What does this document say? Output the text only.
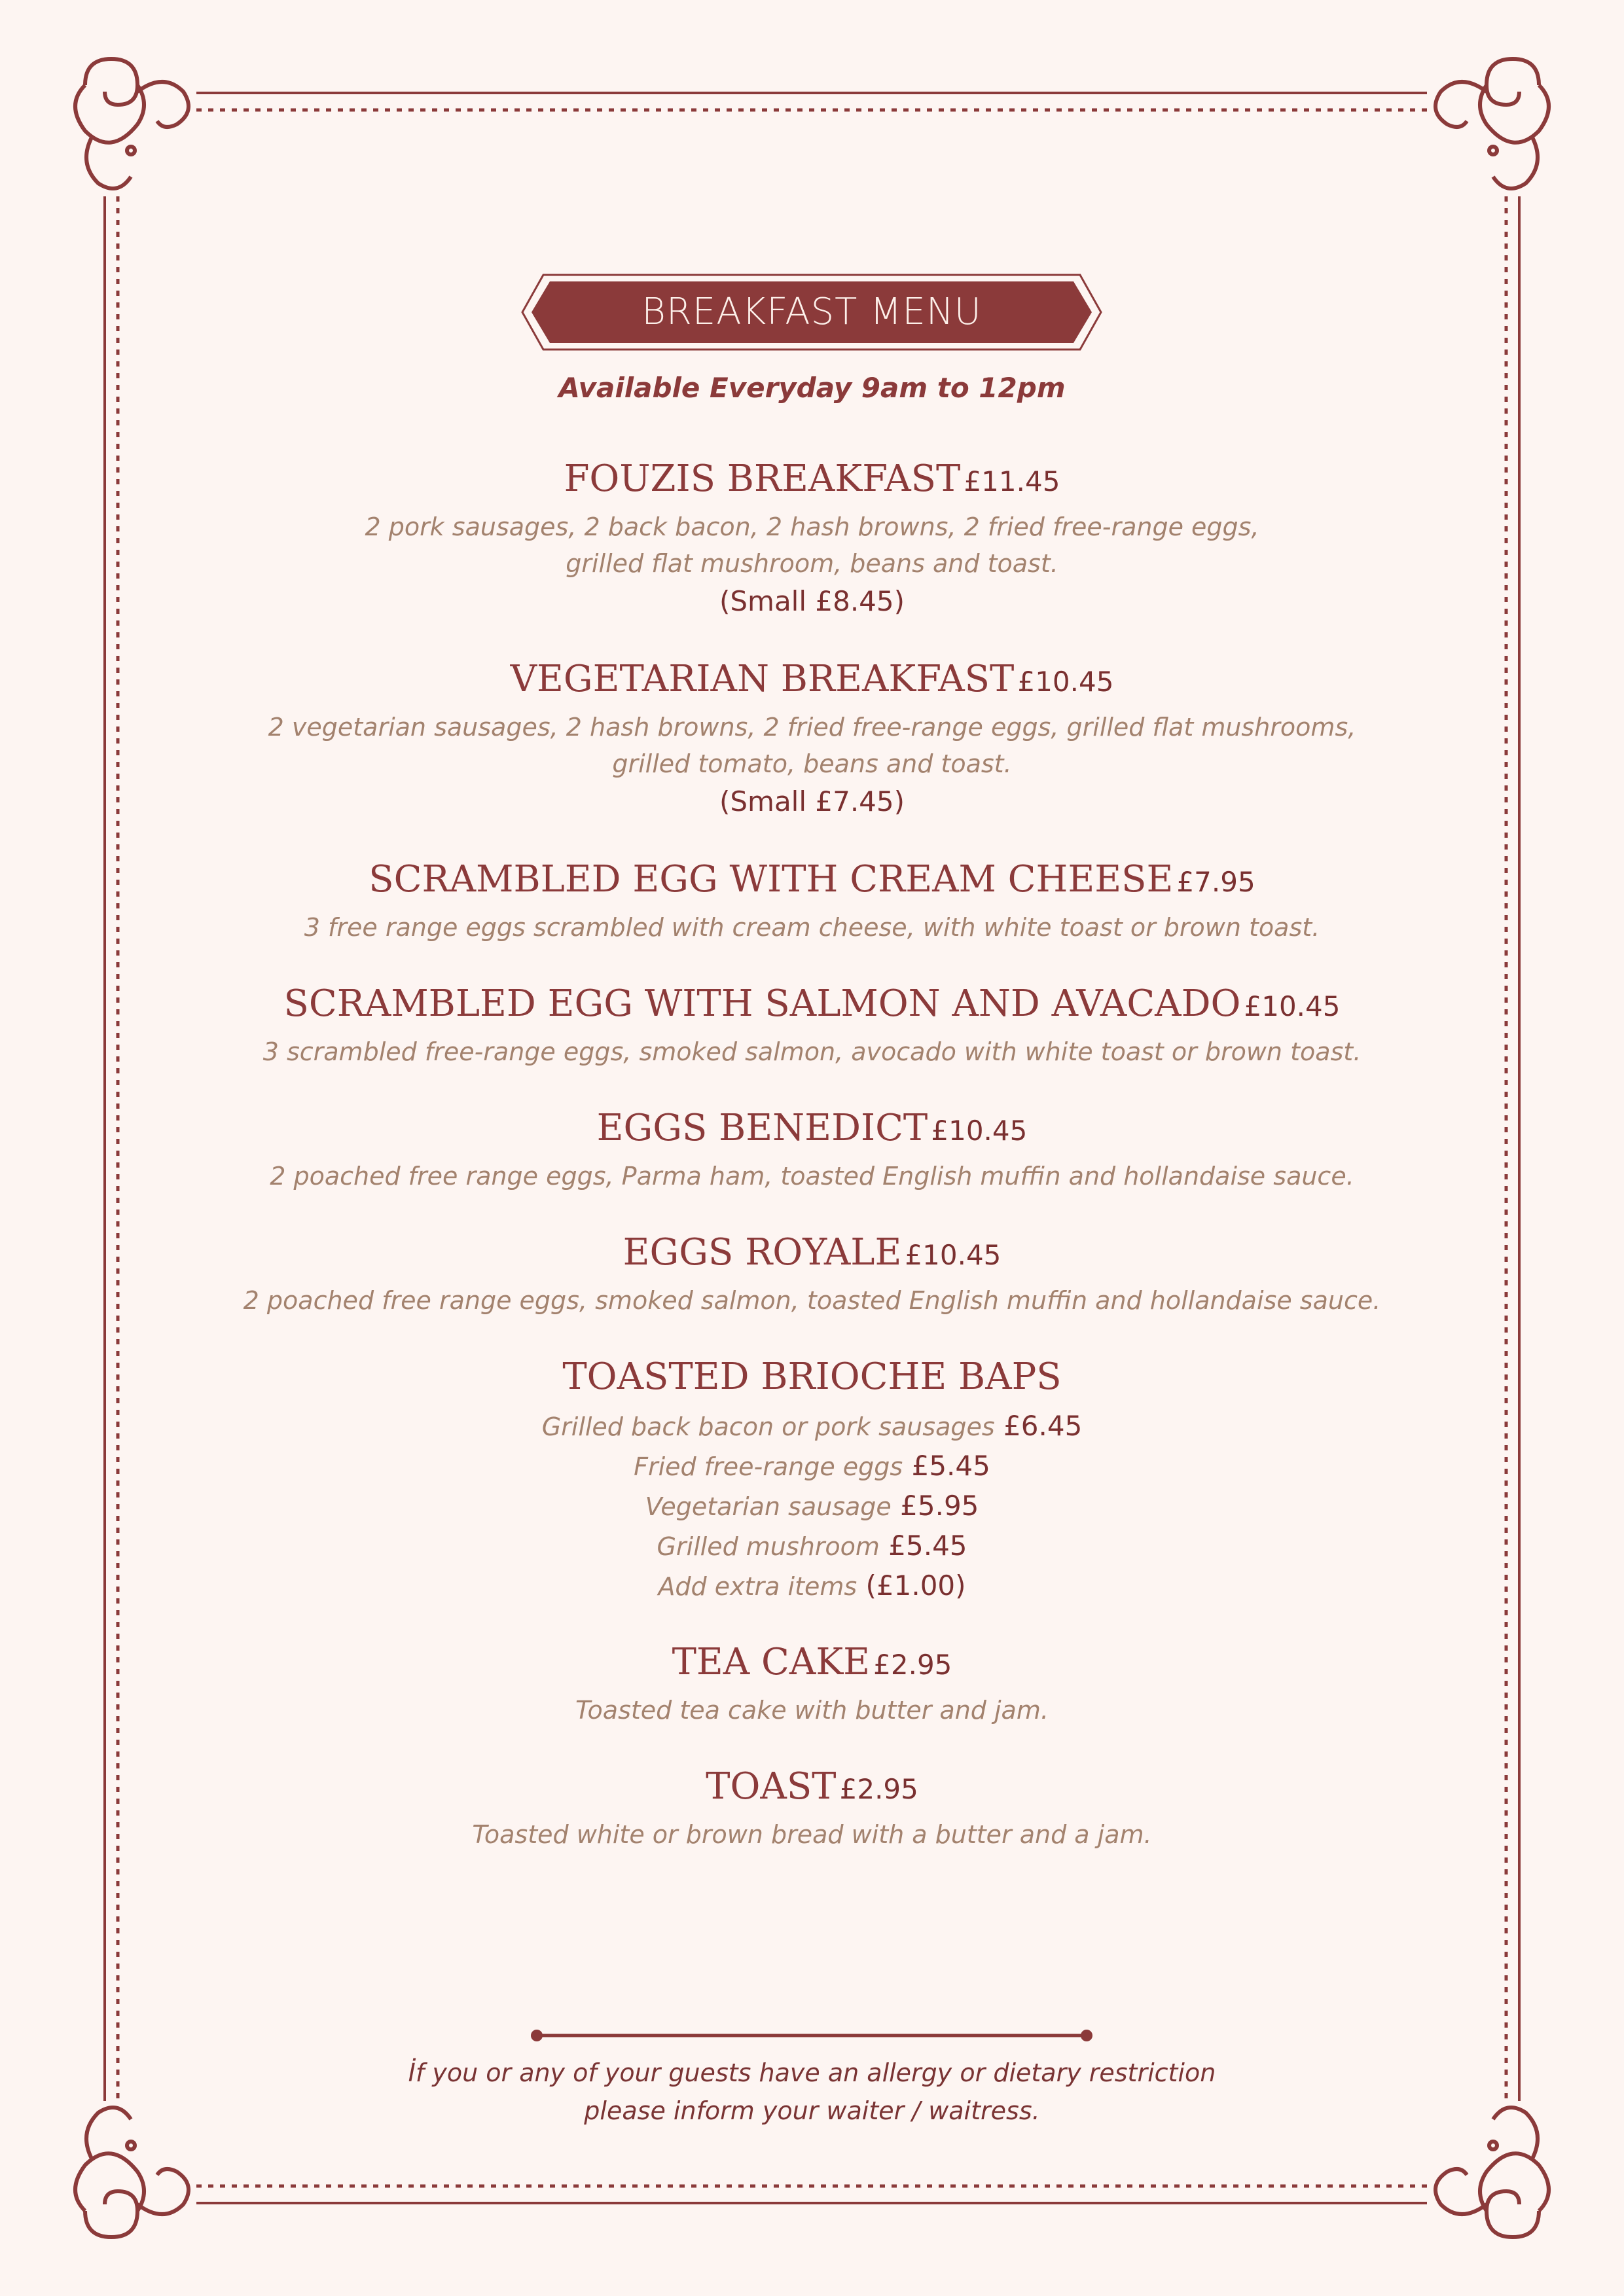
BREAKFAST MENU
Available Everyday 9am to 12pm
FOUZIS BREAKFAST £11.45
2 pork sausages, 2 back bacon, 2 hash browns, 2 fried free-range eggs,
grilled flat mushroom, beans and toast.
(Small £8.45)
VEGETARIAN BREAKFAST £10.45
2 vegetarian sausages, 2 hash browns, 2 fried free-range eggs, grilled flat mushrooms,
grilled tomato, beans and toast.
(Small £7.45)
SCRAMBLED EGG WITH CREAM CHEESE £7.95
3 free range eggs scrambled with cream cheese, with white toast or brown toast.
SCRAMBLED EGG WITH SALMON AND AVACADO £10.45
3 scrambled free-range eggs, smoked salmon, avocado with white toast or brown toast.
EGGS BENEDICT £10.45
2 poached free range eggs, Parma ham, toasted English muffin and hollandaise sauce.
EGGS ROYALE £10.45
2 poached free range eggs, smoked salmon, toasted English muffin and hollandaise sauce.
TOASTED BRIOCHE BAPS
Grilled back bacon or pork sausages £6.45
Fried free-range eggs £5.45
Vegetarian sausage £5.95
Grilled mushroom £5.45
Add extra items (£1.00)
TEA CAKE £2.95
Toasted tea cake with butter and jam.
TOAST £2.95
Toasted white or brown bread with a butter and a jam.
İf you or any of your guests have an allergy or dietary restriction
please inform your waiter / waitress.
